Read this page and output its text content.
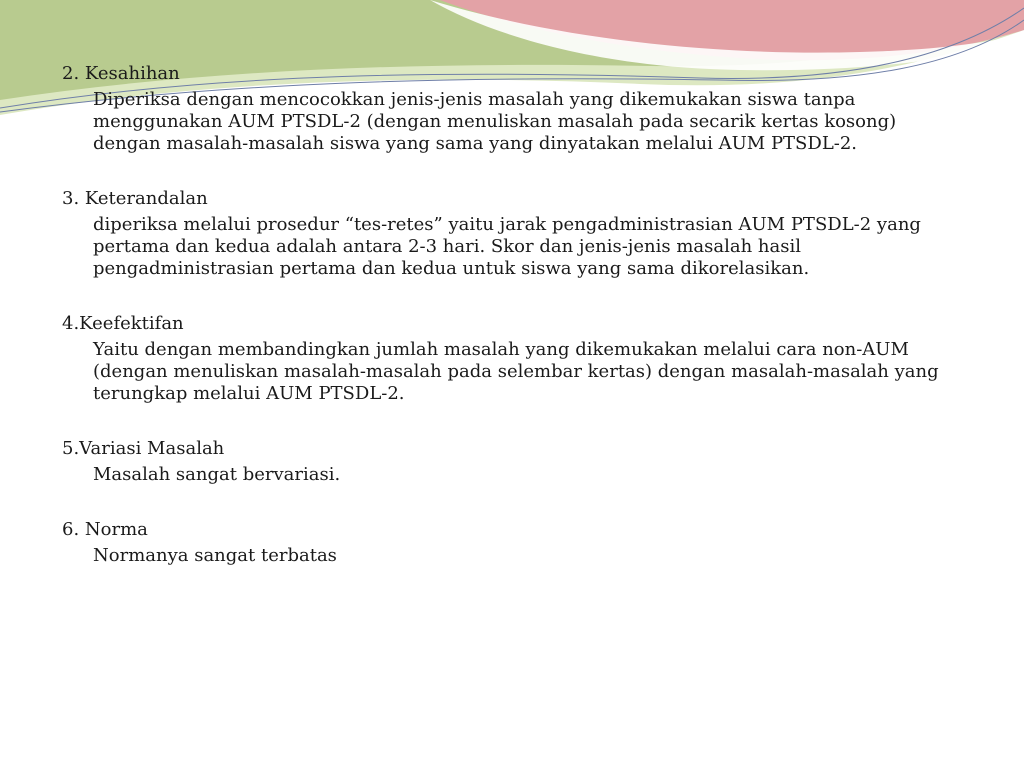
2. Kesahihan

Diperiksa dengan mencocokkan jenis-jenis masalah yang dikemukakan siswa tanpa menggunakan AUM PTSDL-2 (dengan menuliskan masalah pada secarik kertas kosong) dengan masalah-masalah siswa yang sama yang dinyatakan melalui AUM PTSDL-2.

3. Keterandalan

diperiksa melalui prosedur “tes-retes” yaitu jarak pengadministrasian AUM PTSDL-2 yang pertama dan kedua adalah antara 2-3 hari. Skor dan jenis-jenis masalah hasil pengadministrasian pertama dan kedua untuk siswa yang sama dikorelasikan.

4.Keefektifan

Yaitu dengan membandingkan jumlah masalah yang dikemukakan melalui cara non-AUM (dengan menuliskan masalah-masalah pada selembar kertas) dengan masalah-masalah yang terungkap melalui AUM PTSDL-2.

5.Variasi Masalah

Masalah sangat bervariasi.

6. Norma

Normanya sangat terbatas
